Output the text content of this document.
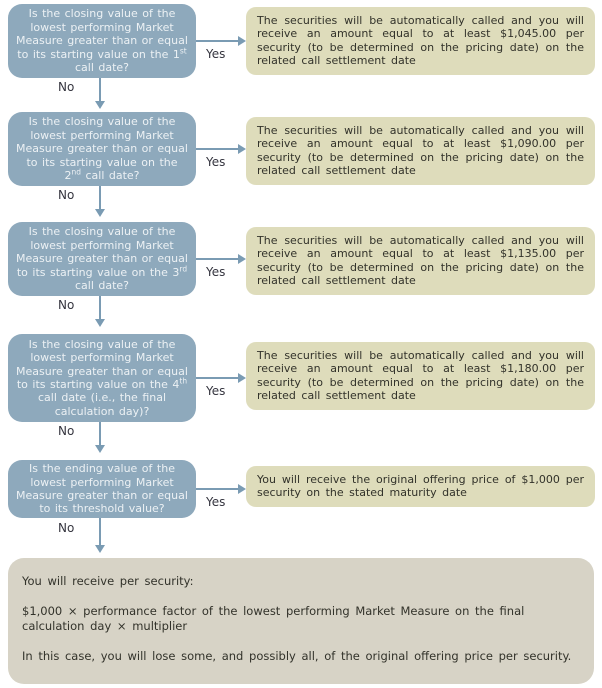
Is the closing value of the lowest performing Market Measure greater than or equal to its starting value on the 1st call date?
Yes
The securities will be automatically called and you will receive an amount equal to at least $1,045.00 per security (to be determined on the pricing date) on the related call settlement date
No
Is the closing value of the lowest performing Market Measure greater than or equal to its starting value on the 2nd call date?
Yes
The securities will be automatically called and you will receive an amount equal to at least $1,090.00 per security (to be determined on the pricing date) on the related call settlement date
No
Is the closing value of the lowest performing Market Measure greater than or equal to its starting value on the 3rd call date?
Yes
The securities will be automatically called and you will receive an amount equal to at least $1,135.00 per security (to be determined on the pricing date) on the related call settlement date
No
Is the closing value of the lowest performing Market Measure greater than or equal to its starting value on the 4th call date (i.e., the final calculation day)?
Yes
The securities will be automatically called and you will receive an amount equal to at least $1,180.00 per security (to be determined on the pricing date) on the related call settlement date
No
Is the ending value of the lowest performing Market Measure greater than or equal to its threshold value?	Yes
You will receive the original offering price of $1,000 per security on the stated maturity date
No

You will receive per security:

$1,000 × performance factor of the lowest performing Market Measure on the final calculation day × multiplier

In this case, you will lose some, and possibly all, of the original offering price per security.
